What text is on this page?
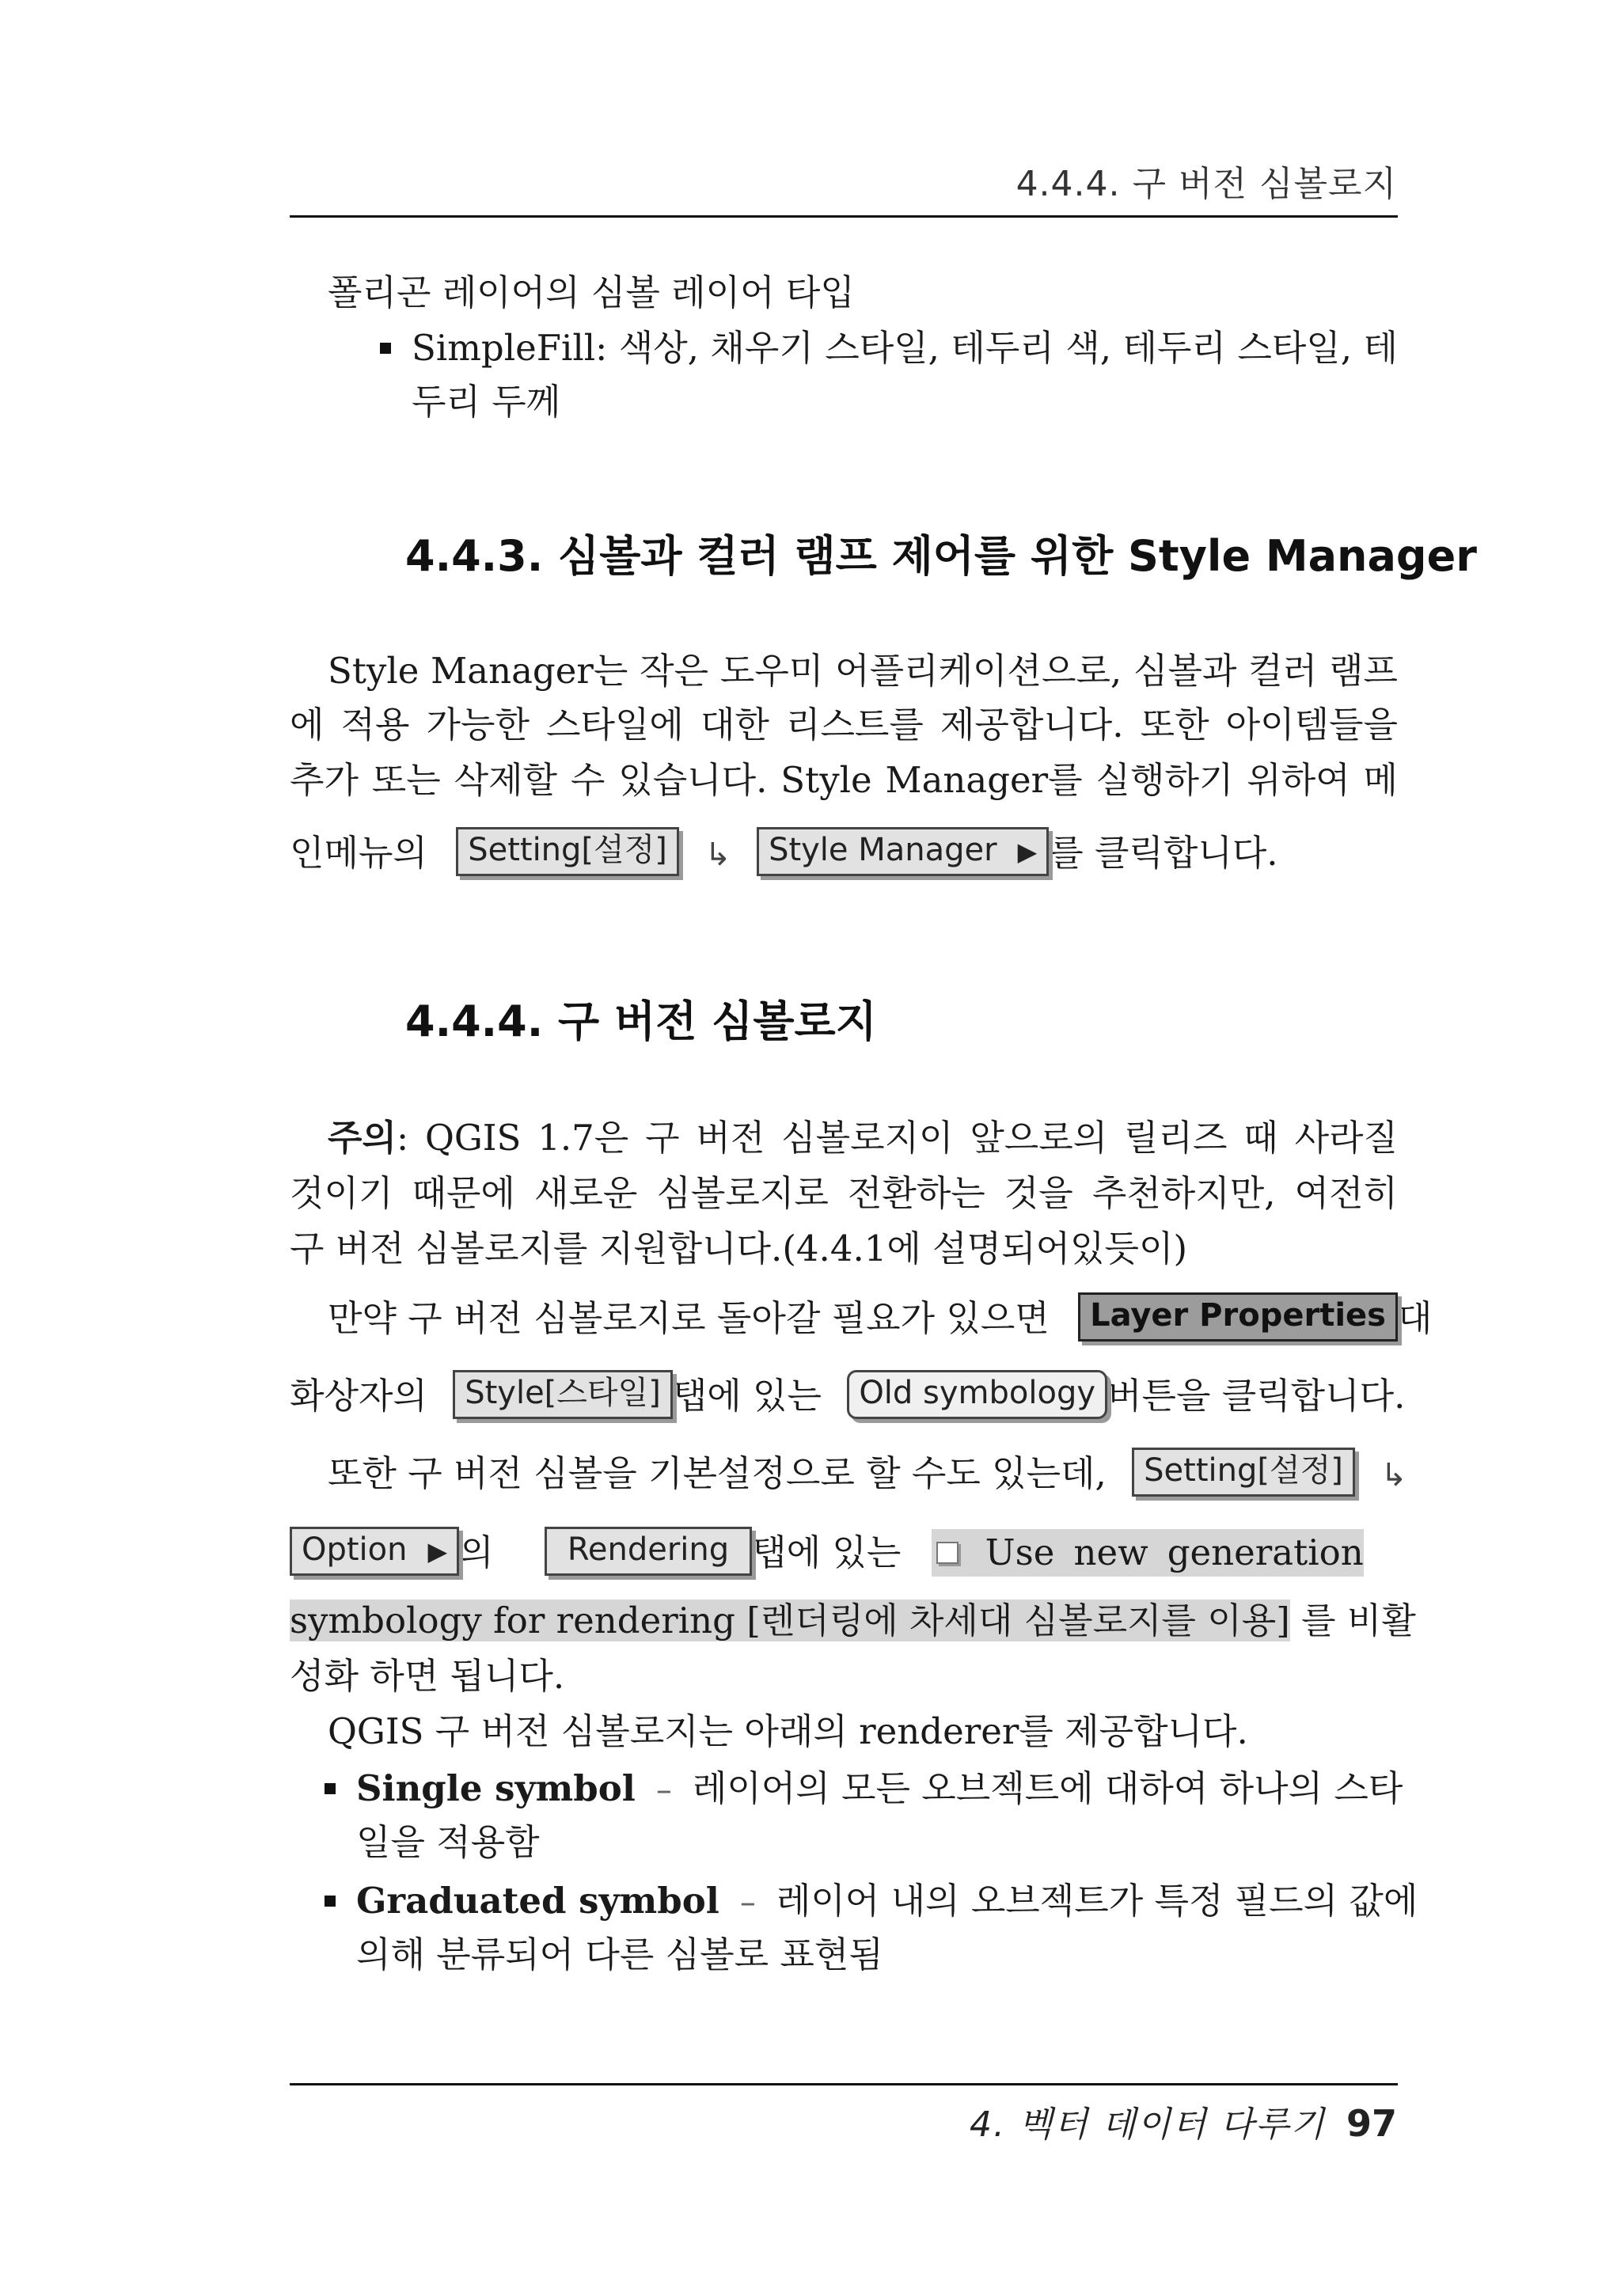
4.4.4. 구 버전 심볼로지
폴리곤 레이어의 심볼 레이어 타입
SimpleFill: 색상, 채우기 스타일, 테두리 색, 테두리 스타일, 테
두리 두께
4.4.3. 심볼과 컬러 램프 제어를 위한 Style Manager
Style Manager는 작은 도우미 어플리케이션으로, 심볼과 컬러 램프
에 적용 가능한 스타일에 대한 리스트를 제공합니다. 또한 아이템들을
추가 또는 삭제할 수 있습니다. Style Manager를 실행하기 위하여 메
인메뉴의 Setting[설정] ↳ Style Manager ▶ 를 클릭합니다.
4.4.4. 구 버전 심볼로지
주의: QGIS 1.7은 구 버전 심볼로지이 앞으로의 릴리즈 때 사라질
것이기 때문에 새로운 심볼로지로 전환하는 것을 추천하지만, 여전히
구 버전 심볼로지를 지원합니다.(4.4.1에 설명되어있듯이)
만약 구 버전 심볼로지로 돌아갈 필요가 있으면 Layer Properties 대
화상자의 Style[스타일] 탭에 있는 Old symbology 버튼을 클릭합니다.
또한 구 버전 심볼을 기본설정으로 할 수도 있는데, Setting[설정] ↳
Option ▶ 의 Rendering 탭에 있는 Use new generation
symbology for rendering [렌더링에 차세대 심볼로지를 이용] 를 비활
성화 하면 됩니다.
QGIS 구 버전 심볼로지는 아래의 renderer를 제공합니다.
Single symbol – 레이어의 모든 오브젝트에 대하여 하나의 스타
일을 적용함
Graduated symbol – 레이어 내의 오브젝트가 특정 필드의 값에
의해 분류되어 다른 심볼로 표현됨
4. 벡터 데이터 다루기 97
